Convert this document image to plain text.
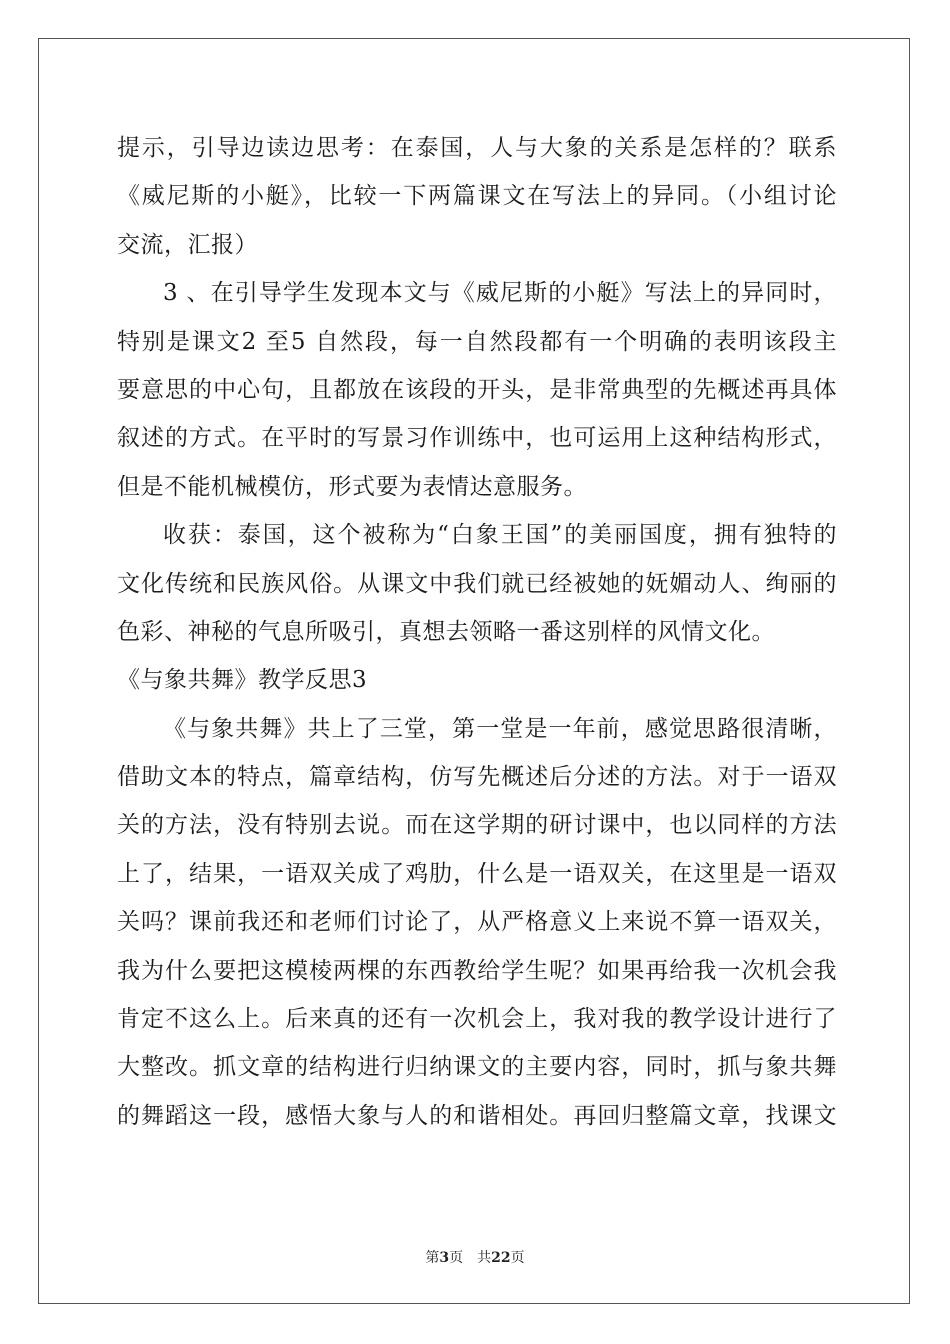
提示，引导边读边思考：在泰国，人与大象的关系是怎样的？联系
《威尼斯的小艇》，比较一下两篇课文在写法上的异同。（小组讨论
交流，汇报）
3 、在引导学生发现本文与《威尼斯的小艇》写法上的异同时，
特别是课文2 至5 自然段，每一自然段都有一个明确的表明该段主
要意思的中心句，且都放在该段的开头，是非常典型的先概述再具体
叙述的方式。在平时的写景习作训练中，也可运用上这种结构形式，
但是不能机械模仿，形式要为表情达意服务。
收获：泰国，这个被称为“白象王国”的美丽国度，拥有独特的
文化传统和民族风俗。从课文中我们就已经被她的妩媚动人、绚丽的
色彩、神秘的气息所吸引，真想去领略一番这别样的风情文化。
《与象共舞》教学反思3
《与象共舞》共上了三堂，第一堂是一年前，感觉思路很清晰，
借助文本的特点，篇章结构，仿写先概述后分述的方法。对于一语双
关的方法，没有特别去说。而在这学期的研讨课中，也以同样的方法
上了，结果，一语双关成了鸡肋，什么是一语双关，在这里是一语双
关吗？课前我还和老师们讨论了，从严格意义上来说不算一语双关，
我为什么要把这模棱两棵的东西教给学生呢？如果再给我一次机会我
肯定不这么上。后来真的还有一次机会上，我对我的教学设计进行了
大整改。抓文章的结构进行归纳课文的主要内容，同时，抓与象共舞
的舞蹈这一段，感悟大象与人的和谐相处。再回归整篇文章，找课文
第3页　共22页
